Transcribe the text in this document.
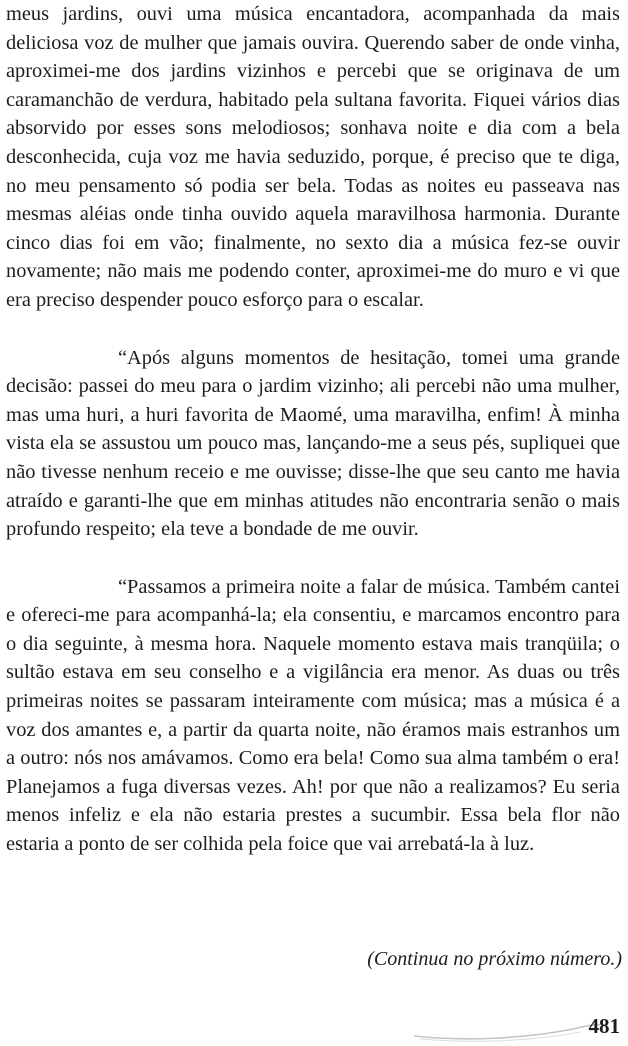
meus jardins, ouvi uma música encantadora, acompanhada da mais deliciosa voz de mulher que jamais ouvira. Querendo saber de onde vinha, aproximei-me dos jardins vizinhos e percebi que se originava de um caramanchão de verdura, habitado pela sultana favorita. Fiquei vários dias absorvido por esses sons melodiosos; sonhava noite e dia com a bela desconhecida, cuja voz me havia seduzido, porque, é preciso que te diga, no meu pensamento só podia ser bela. Todas as noites eu passeava nas mesmas aléias onde tinha ouvido aquela maravilhosa harmonia. Durante cinco dias foi em vão; finalmente, no sexto dia a música fez-se ouvir novamente; não mais me podendo conter, aproximei-me do muro e vi que era preciso despender pouco esforço para o escalar.

“Após alguns momentos de hesitação, tomei uma grande decisão: passei do meu para o jardim vizinho; ali percebi não uma mulher, mas uma huri, a huri favorita de Maomé, uma maravilha, enfim! À minha vista ela se assustou um pouco mas, lançando-me a seus pés, supliquei que não tivesse nenhum receio e me ouvisse; disse-lhe que seu canto me havia atraído e garanti-lhe que em minhas atitudes não encontraria senão o mais profundo respeito; ela teve a bondade de me ouvir.

“Passamos a primeira noite a falar de música. Também cantei e ofereci-me para acompanhá-la; ela consentiu, e marcamos encontro para o dia seguinte, à mesma hora. Naquele momento estava mais tranqüila; o sultão estava em seu conselho e a vigilância era menor. As duas ou três primeiras noites se passaram inteiramente com música; mas a música é a voz dos amantes e, a partir da quarta noite, não éramos mais estranhos um a outro: nós nos amávamos. Como era bela! Como sua alma também o era! Planejamos a fuga diversas vezes. Ah! por que não a realizamos? Eu seria menos infeliz e ela não estaria prestes a sucumbir. Essa bela flor não estaria a ponto de ser colhida pela foice que vai arrebatá-la à luz.

(Continua no próximo número.)
481
